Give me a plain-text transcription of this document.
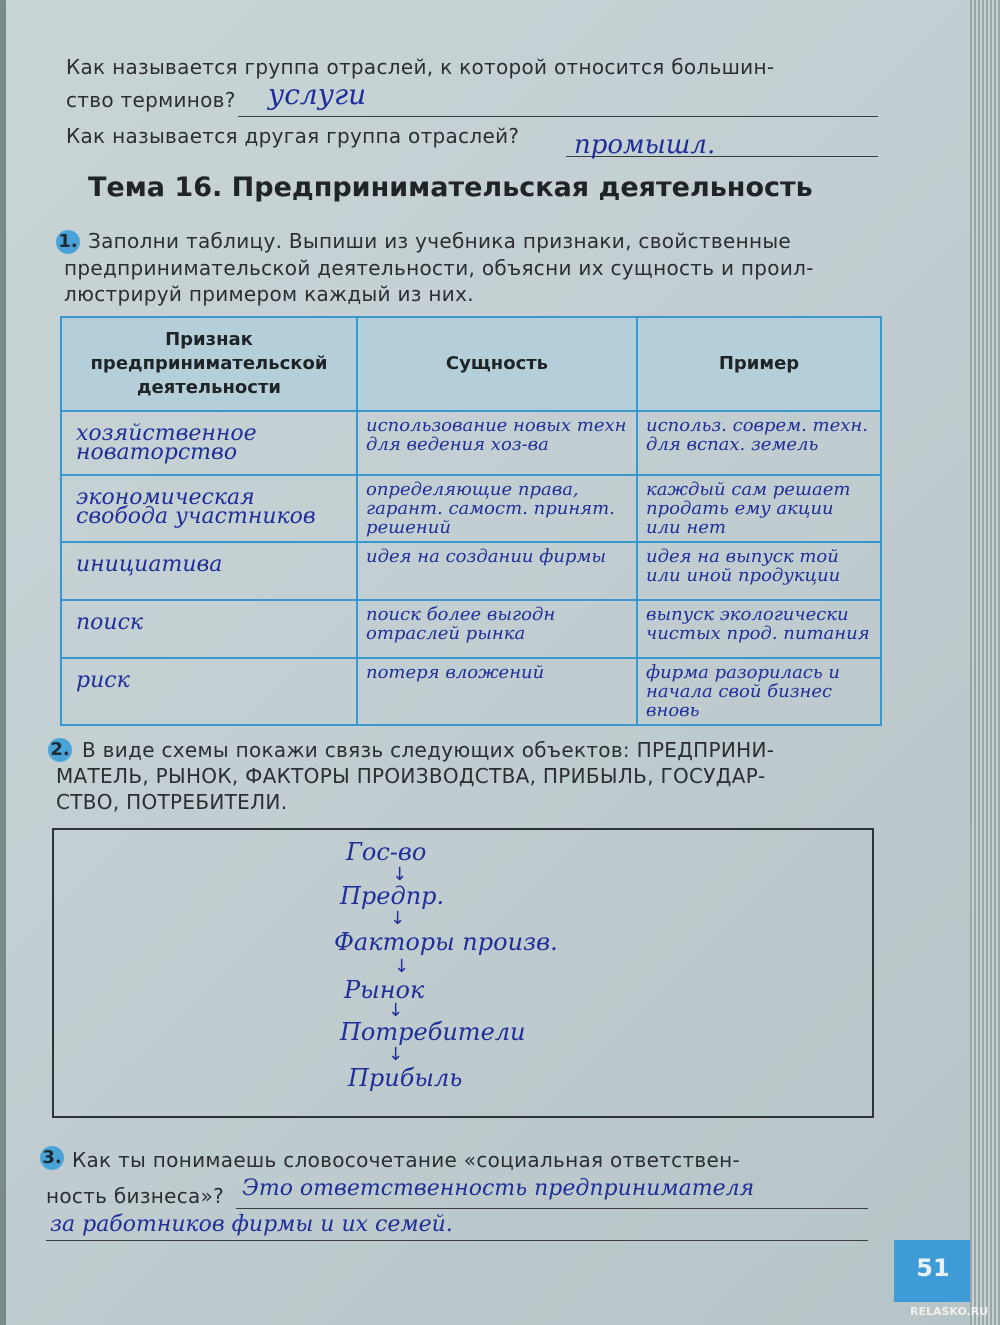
Как называется группа отраслей, к которой относится большин-
ство терминов? услуги
Как называется другая группа отраслей? промышл.
Тема 16. Предпринимательская деятельность
1. Заполни таблицу. Выпиши из учебника признаки, свойственные
предпринимательской деятельности, объясни их сущность и проил-
люстрируй примером каждый из них.
Признак предпринимательской деятельности	Сущность	Пример

хозяйственное новаторство	использование новых техн для ведения хоз-ва	использ. соврем. техн. для вспах. земель

экономическая свобода участников	определяющие права, гарант. самост. принят. решений	каждый сам решает продать ему акции или нет

инициатива	идея на создании фирмы	идея на выпуск той или иной продукции

поиск	поиск более выгодн отраслей рынка	выпуск экологически чистых прод. питания

риск	потеря вложений	фирма разорилась и начала свой бизнес вновь
2. В виде схемы покажи связь следующих объектов: ПРЕДПРИНИ-
МАТЕЛЬ, РЫНОК, ФАКТОРЫ ПРОИЗВОДСТВА, ПРИБЫЛЬ, ГОСУДАР-
СТВО, ПОТРЕБИТЕЛИ.
Гос-во
↓
Предпр.
↓
Факторы произв.
↓
Рынок
↓
Потребители
↓
Прибыль
3. Как ты понимаешь словосочетание «социальная ответствен-
ность бизнеса»? Это ответственность предпринимателя
за работников фирмы и их семей.
51
RELASKO.RU
